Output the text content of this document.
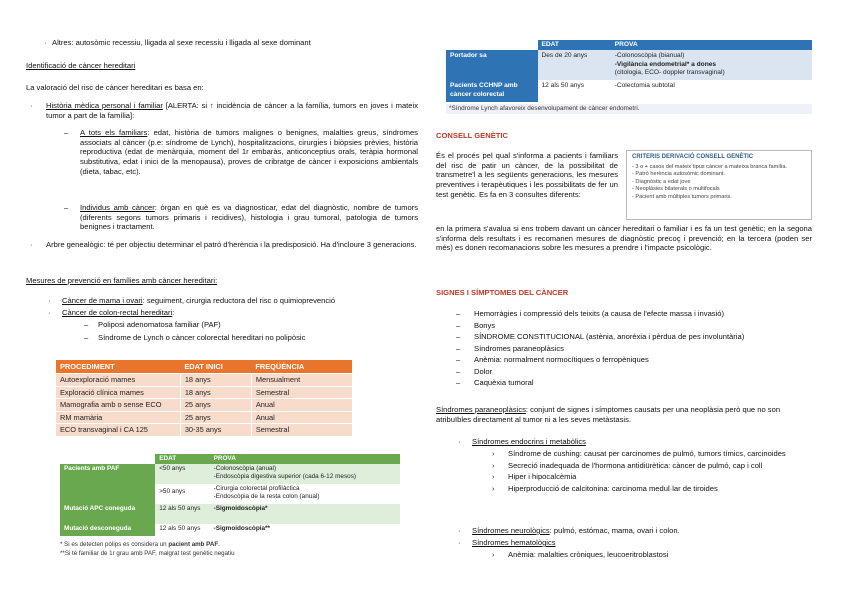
· Altres: autosòmic recessiu, lligada al sexe recessiu i lligada al sexe dominant
Identificació de càncer hereditari
La valoració del risc de càncer hereditari es basa en:
· Història mèdica personal i familiar [ALERTA: si ↑ incidència de càncer a la família, tumors en joves i mateix tumor a part de la família]:
– A tots els familiars: edat, història de tumors malignes o benignes, malalties greus, síndromes associats al càncer (p.e: síndrome de Lynch), hospitalitzacions, cirurgies i biòpsies prèvies, història reproductiva (edat de menàrquia, moment del 1r embaràs, anticonceptius orals, teràpia hormonal substitutiva, edat i inici de la menopausa), proves de cribratge de càncer i exposicions ambientals (dieta, tabac, etc).
– Individus amb càncer: òrgan en què es va diagnosticar, edat del diagnòstic, nombre de tumors (diferents segons tumors primaris i recidives), histologia i grau tumoral, patologia de tumors benignes i tractament.
· Arbre genealògic: té per objectiu determinar el patró d'herència i la predisposició. Ha d'incloure 3 generacions.
Mesures de prevenció en famílies amb càncer hereditari:
· Càncer de mama i ovari: seguiment, cirurgia reductora del risc o quimioprevenció
· Càncer de colon-rectal hereditari:
– Poliposi adenomatosa familiar (PAF)
– Síndrome de Lynch o càncer colorectal hereditari no polipòsic
PROCEDIMENT	EDAT INICI	FREQÜÈNCIA
Autoexploració mames	18 anys	Mensualment
Exploració clínica mames	18 anys	Semestral
Mamografia amb o sense ECO	25 anys	Anual
RM mamària	25 anys	Anual
ECO transvaginal i CA 125	30-35 anys	Semestral
	EDAT	PROVA
Pacients amb PAF	<50 anys	-Colonoscòpia (anual)
-Endoscòpia digestiva superior (cada 6-12 mesos)

	>50 anys	-Cirurgia colorectal profilàctica
-Endoscòpia de la resta colon (anual)

Mutació APC coneguda	12 als 50 anys	-Sigmoidoscòpia*
Mutació desconeguda	12 als 50 anys	-Sigmoidoscòpia**
* Si es detecten pòlips es considera un pacient amb PAF.
**Si té familiar de 1r grau amb PAF, malgrat test genètic negatiu
	EDAT	PROVA
Portador sa	Des de 20 anys	-Colonoscòpia (bianual)
-Vigilància endometrial* a dones
(citologia, ECO- doppler transvaginal)

Pacients CCHNP amb càncer colorectal	12 als 50 anys	-Colectomia subtotal
*Síndrome Lynch afavoreix desenvolupament de càncer endometri.
CONSELL GENÈTIC
És el procés pel qual s'informa a pacients i familiars del risc de patir un càncer, de la possibilitat de transmetre'l a les següents generacions, les mesures preventives i terapèutiques i les possibilitats de fer un test genètic. Es fa en 3 consultes diferents:
CRITERIS DERIVACIÓ CONSELL GENÈTIC
- 3 o + casos del mateix tipus càncer a mateixa branca família.
- Patró herència autosòmic dominant.
- Diagnòstic a edat jove
- Neoplàsies bilaterals o multifocals
- Pacient amb múltiples tumors primaris.
en la primera s'avalua si ens trobem davant un càncer hereditari o familiar i es fa un test genètic; en la segona s'informa dels resultats i es recomanen mesures de diagnòstic precoç i prevenció; en la tercera (poden ser més) es donen recomanacions sobre les mesures a prendre i l'impacte psicològic.
SIGNES I SÍMPTOMES DEL CÀNCER
– Hemorràgies i compressió dels teixits (a causa de l'efecte massa i invasió)
– Bonys
– SÍNDROME CONSTITUCIONAL (astènia, anorèxia i pèrdua de pes involuntària)
– Síndromes paraneoplàsics
– Anèmia: normalment normocítiques o ferropèniques
– Dolor
– Caquèxia tumoral
Síndromes paraneoplàsics: conjunt de signes i símptomes causats per una neoplàsia però que no son atribuïbles directament al tumor ni a les seves metàstasis.
· Síndromes endocrins i metabòlics
› Síndrome de cushing: causat per carcinomes de pulmó, tumors tímics, carcinoides
› Secreció inadequada de l'hormona antidiürètica: càncer de pulmó, cap i coll
› Hiper i hipocalcèmia
› Hiperproducció de calcitonina: carcinoma medul·lar de tiroides
· Síndromes neurològics: pulmó, estómac, mama, ovari i colon.
· Síndromes hematològics
› Anèmia: malalties cròniques, leucoeritroblastosi
